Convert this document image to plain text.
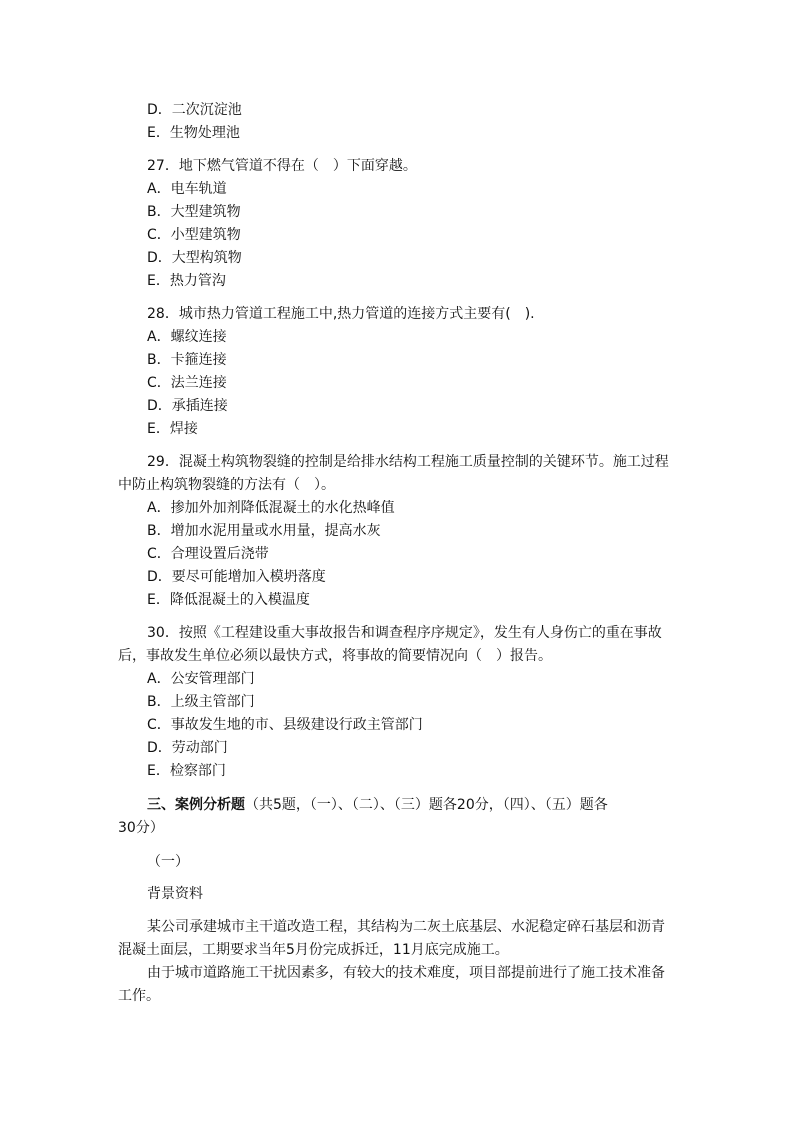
D．二次沉淀池
E．生物处理池
27．地下燃气管道不得在（　）下面穿越。
A．电车轨道
B．大型建筑物
C．小型建筑物
D．大型构筑物
E．热力管沟
28．城市热力管道工程施工中,热力管道的连接方式主要有(　).
A．螺纹连接
B．卡箍连接
C．法兰连接
D．承插连接
E．焊接
29．混凝土构筑物裂缝的控制是给排水结构工程施工质量控制的关键环节。施工过程
中防止构筑物裂缝的方法有（　）。
A．掺加外加剂降低混凝土的水化热峰值
B．增加水泥用量或水用量，提高水灰
C．合理设置后浇带
D．要尽可能增加入模坍落度
E．降低混凝土的入模温度
30．按照《工程建设重大事故报告和调查程序序规定》，发生有人身伤亡的重在事故
后，事故发生单位必须以最快方式，将事故的简要情况向（　）报告。
A．公安管理部门
B．上级主管部门
C．事故发生地的市、县级建设行政主管部门
D．劳动部门
E．检察部门
三、案例分析题（共5题，（一）、（二）、（三）题各20分，（四）、（五）题各
30分）
（一）
背景资料
某公司承建城市主干道改造工程，其结构为二灰土底基层、水泥稳定碎石基层和沥青
混凝土面层，工期要求当年5月份完成拆迁，11月底完成施工。
由于城市道路施工干扰因素多，有较大的技术难度，项目部提前进行了施工技术准备
工作。
